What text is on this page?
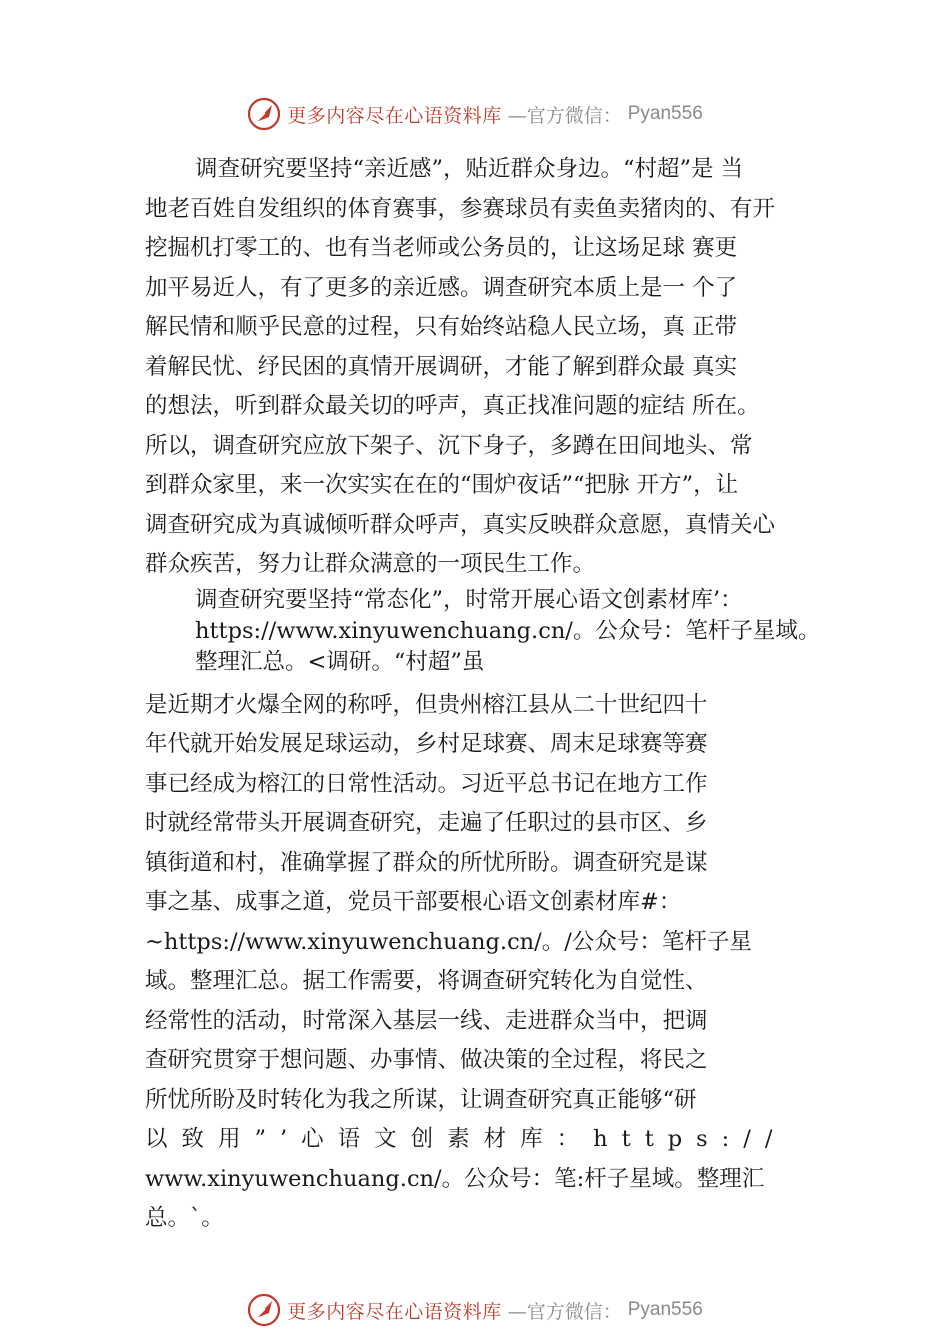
更多内容尽在心语资料库 —官方微信： Pyan556
调查研究要坚持“亲近感”，贴近群众身边。“村超”是 当
地老百姓自发组织的体育赛事，参赛球员有卖鱼卖猪肉的、有开
挖掘机打零工的、也有当老师或公务员的，让这场足球 赛更
加平易近人，有了更多的亲近感。调查研究本质上是一 个了
解民情和顺乎民意的过程，只有始终站稳人民立场，真 正带
着解民忧、纾民困的真情开展调研，才能了解到群众最 真实
的想法，听到群众最关切的呼声，真正找准问题的症结 所在。
所以，调查研究应放下架子、沉下身子，多蹲在田间地头、常
到群众家里，来一次实实在在的“围炉夜话”“把脉 开方”，让
调查研究成为真诚倾听群众呼声，真实反映群众意愿，真情关心
群众疾苦，努力让群众满意的一项民生工作。
调查研究要坚持“常态化”，时常开展心语文创素材库’：
https://www.xinyuwenchuang.cn/。公众号：笔杆子星域。
整理汇总。<调研。“村超”虽
是近期才火爆全网的称呼，但贵州榕江县从二十世纪四十
年代就开始发展足球运动，乡村足球赛、周末足球赛等赛
事已经成为榕江的日常性活动。习近平总书记在地方工作
时就经常带头开展调查研究，走遍了任职过的县市区、乡
镇街道和村，准确掌握了群众的所忧所盼。调查研究是谋
事之基、成事之道，党员干部要根心语文创素材库#：
~https://www.xinyuwenchuang.cn/。/公众号：笔杆子星
域。整理汇总。据工作需要，将调查研究转化为自觉性、
经常性的活动，时常深入基层一线、走进群众当中，把调
查研究贯穿于想问题、办事情、做决策的全过程，将民之
所忧所盼及时转化为我之所谋，让调查研究真正能够“研
以致用”’心语文创素材库：https://
www.xinyuwenchuang.cn/。公众号：笔:杆子星域。整理汇
总。`。
更多内容尽在心语资料库 —官方微信： Pyan556
